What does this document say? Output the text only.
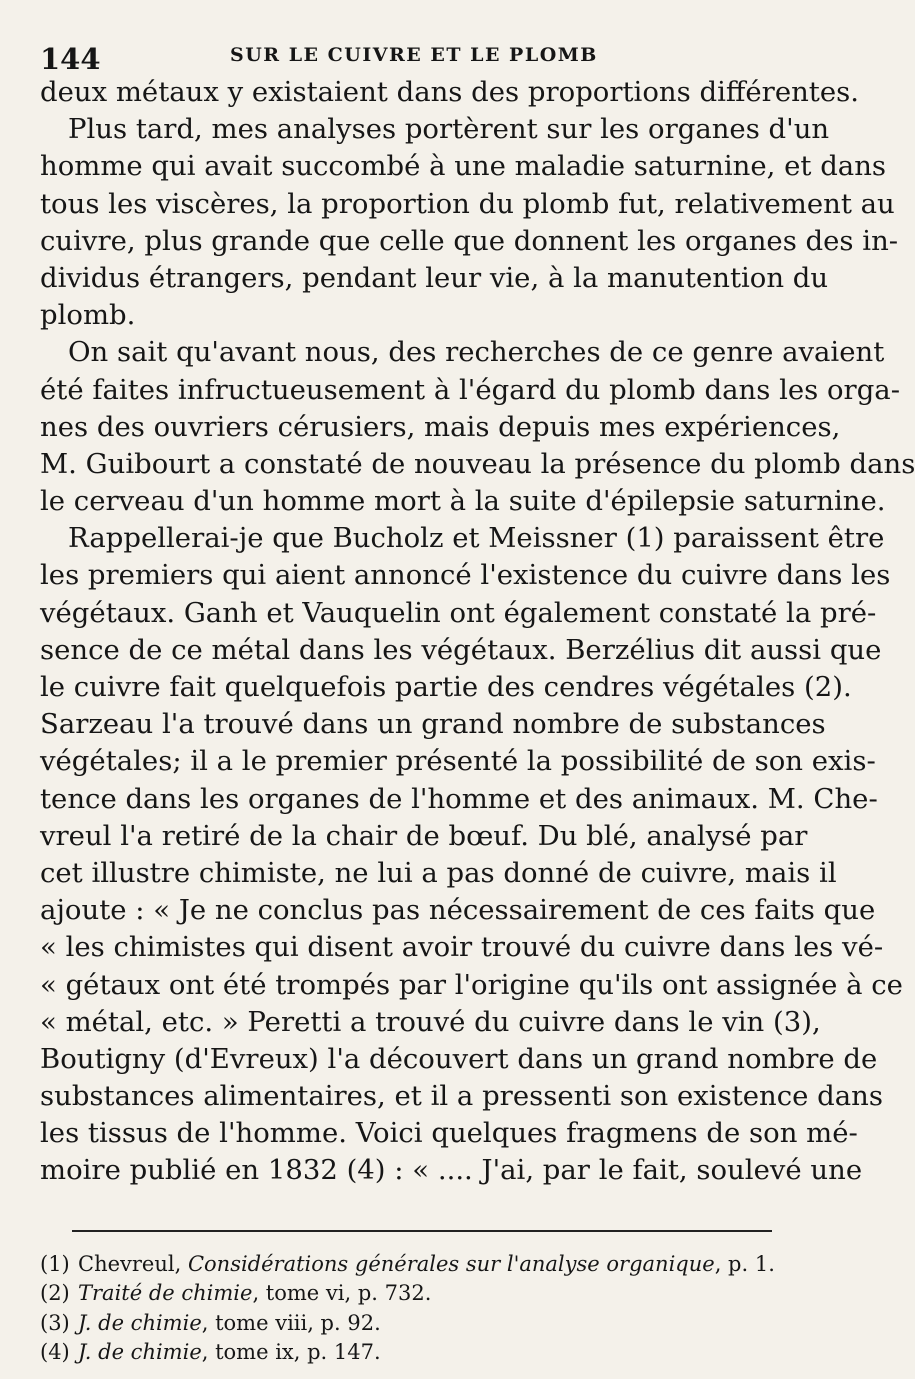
144	SUR LE CUIVRE ET LE PLOMB
deux métaux y existaient dans des proportions différentes.
Plus tard, mes analyses portèrent sur les organes d'un
homme qui avait succombé à une maladie saturnine, et dans
tous les viscères, la proportion du plomb fut, relativement au
cuivre, plus grande que celle que donnent les organes des in-
dividus étrangers, pendant leur vie, à la manutention du
plomb.
On sait qu'avant nous, des recherches de ce genre avaient
été faites infructueusement à l'égard du plomb dans les orga-
nes des ouvriers cérusiers, mais depuis mes expériences,
M. Guibourt a constaté de nouveau la présence du plomb dans
le cerveau d'un homme mort à la suite d'épilepsie saturnine.
Rappellerai-je que Bucholz et Meissner (1) paraissent être
les premiers qui aient annoncé l'existence du cuivre dans les
végétaux. Ganh et Vauquelin ont également constaté la pré-
sence de ce métal dans les végétaux. Berzélius dit aussi que
le cuivre fait quelquefois partie des cendres végétales (2).
Sarzeau l'a trouvé dans un grand nombre de substances
végétales; il a le premier présenté la possibilité de son exis-
tence dans les organes de l'homme et des animaux. M. Che-
vreul l'a retiré de la chair de bœuf. Du blé, analysé par
cet illustre chimiste, ne lui a pas donné de cuivre, mais il
ajoute : « Je ne conclus pas nécessairement de ces faits que
« les chimistes qui disent avoir trouvé du cuivre dans les vé-
« gétaux ont été trompés par l'origine qu'ils ont assignée à ce
« métal, etc. » Peretti a trouvé du cuivre dans le vin (3),
Boutigny (d'Evreux) l'a découvert dans un grand nombre de
substances alimentaires, et il a pressenti son existence dans
les tissus de l'homme. Voici quelques fragmens de son mé-
moire publié en 1832 (4) : « .... J'ai, par le fait, soulevé une
(1) Chevreul, Considérations générales sur l'analyse organique, p. 1.
(2) Traité de chimie, tome vi, p. 732.
(3) J. de chimie, tome viii, p. 92.
(4) J. de chimie, tome ix, p. 147.
